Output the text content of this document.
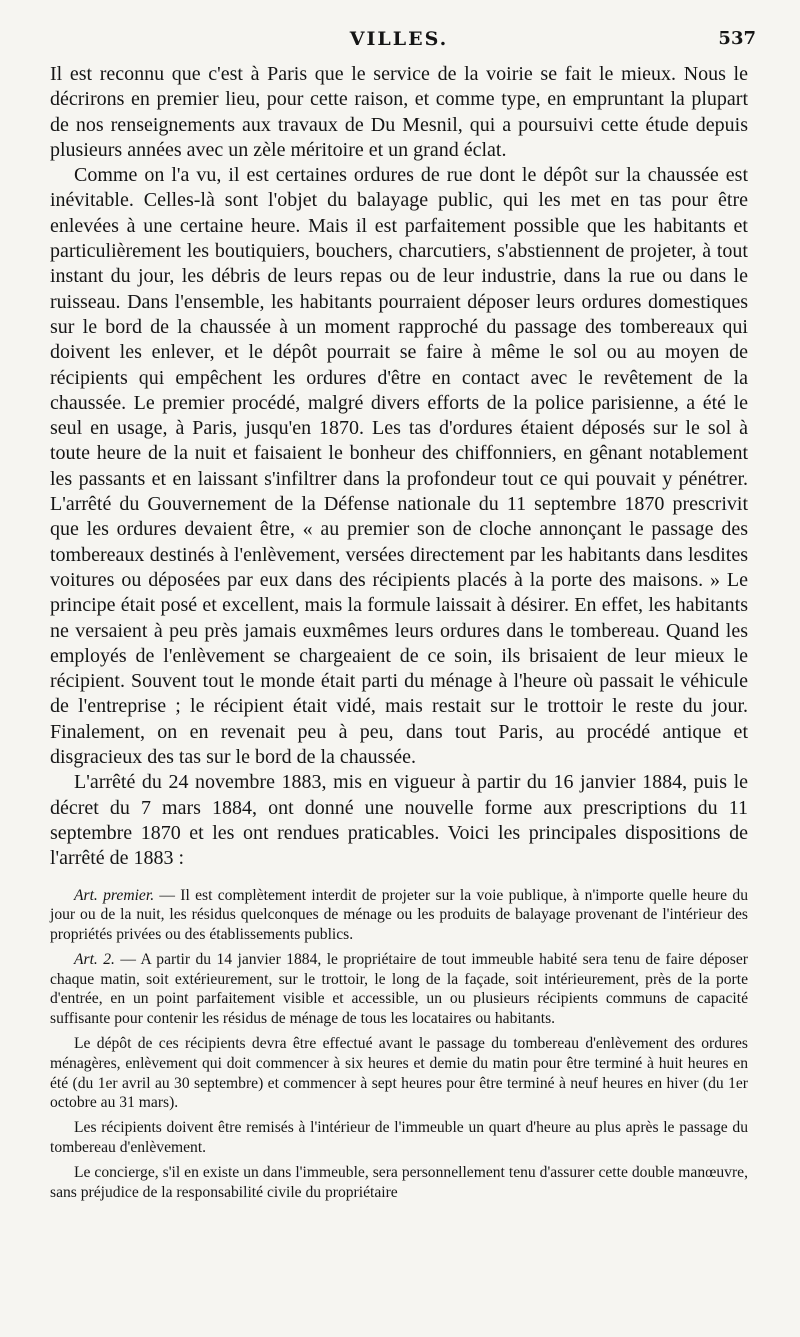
VILLES.	537

Il est reconnu que c'est à Paris que le service de la voirie se fait le mieux. Nous le décrirons en premier lieu, pour cette raison, et comme type, en empruntant la plupart de nos renseignements aux travaux de Du Mesnil, qui a poursuivi cette étude depuis plusieurs années avec un zèle méritoire et un grand éclat.

Comme on l'a vu, il est certaines ordures de rue dont le dépôt sur la chaussée est inévitable. Celles-là sont l'objet du balayage public, qui les met en tas pour être enlevées à une certaine heure. Mais il est parfaitement possible que les habitants et particulièrement les boutiquiers, bouchers, charcutiers, s'abstiennent de projeter, à tout instant du jour, les débris de leurs repas ou de leur industrie, dans la rue ou dans le ruisseau. Dans l'ensemble, les habitants pourraient déposer leurs ordures domestiques sur le bord de la chaussée à un moment rapproché du passage des tombereaux qui doivent les enlever, et le dépôt pourrait se faire à même le sol ou au moyen de récipients qui empêchent les ordures d'être en contact avec le revêtement de la chaussée. Le premier procédé, malgré divers efforts de la police parisienne, a été le seul en usage, à Paris, jusqu'en 1870. Les tas d'ordures étaient déposés sur le sol à toute heure de la nuit et faisaient le bonheur des chiffonniers, en gênant notablement les passants et en laissant s'infiltrer dans la profondeur tout ce qui pouvait y pénétrer. L'arrêté du Gouvernement de la Défense nationale du 11 septembre 1870 prescrivit que les ordures devaient être, « au premier son de cloche annonçant le passage des tombereaux destinés à l'enlèvement, versées directement par les habitants dans lesdites voitures ou déposées par eux dans des récipients placés à la porte des maisons. » Le principe était posé et excellent, mais la formule laissait à désirer. En effet, les habitants ne versaient à peu près jamais euxmêmes leurs ordures dans le tombereau. Quand les employés de l'enlèvement se chargeaient de ce soin, ils brisaient de leur mieux le récipient. Souvent tout le monde était parti du ménage à l'heure où passait le véhicule de l'entreprise ; le récipient était vidé, mais restait sur le trottoir le reste du jour. Finalement, on en revenait peu à peu, dans tout Paris, au procédé antique et disgracieux des tas sur le bord de la chaussée.

L'arrêté du 24 novembre 1883, mis en vigueur à partir du 16 janvier 1884, puis le décret du 7 mars 1884, ont donné une nouvelle forme aux prescriptions du 11 septembre 1870 et les ont rendues praticables. Voici les principales dispositions de l'arrêté de 1883 :

Art. premier. — Il est complètement interdit de projeter sur la voie publique, à n'importe quelle heure du jour ou de la nuit, les résidus quelconques de ménage ou les produits de balayage provenant de l'intérieur des propriétés privées ou des établissements publics.

Art. 2. — A partir du 14 janvier 1884, le propriétaire de tout immeuble habité sera tenu de faire déposer chaque matin, soit extérieurement, sur le trottoir, le long de la façade, soit intérieurement, près de la porte d'entrée, en un point parfaitement visible et accessible, un ou plusieurs récipients communs de capacité suffisante pour contenir les résidus de ménage de tous les locataires ou habitants.

Le dépôt de ces récipients devra être effectué avant le passage du tombereau d'enlèvement des ordures ménagères, enlèvement qui doit commencer à six heures et demie du matin pour être terminé à huit heures en été (du 1er avril au 30 septembre) et commencer à sept heures pour être terminé à neuf heures en hiver (du 1er octobre au 31 mars).

Les récipients doivent être remisés à l'intérieur de l'immeuble un quart d'heure au plus après le passage du tombereau d'enlèvement.

Le concierge, s'il en existe un dans l'immeuble, sera personnellement tenu d'assurer cette double manœuvre, sans préjudice de la responsabilité civile du propriétaire
